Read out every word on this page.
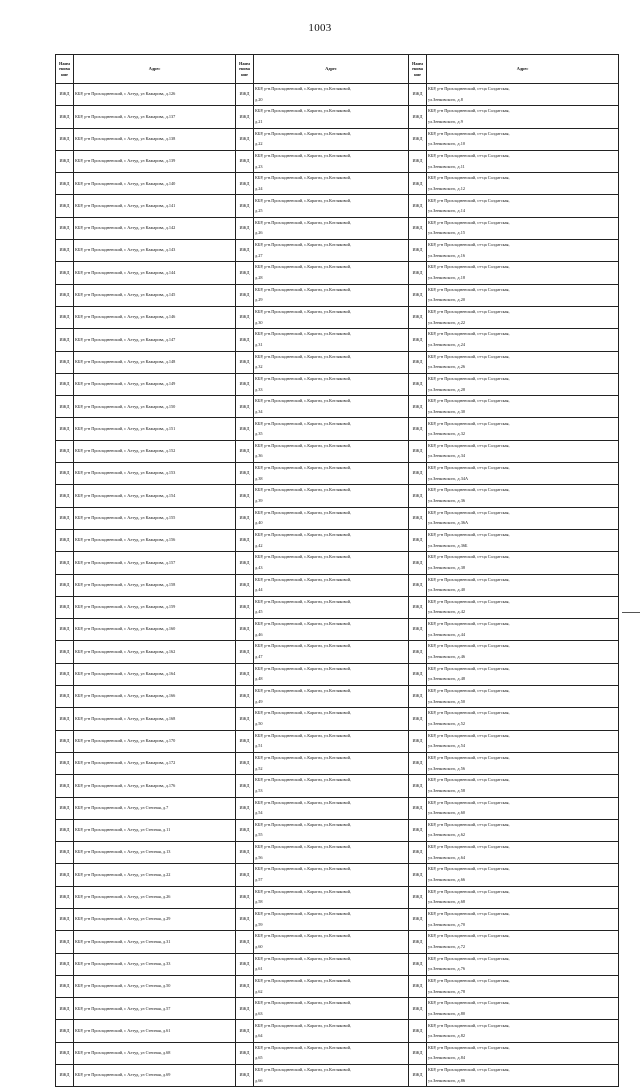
1003
Наим енова ние	Адрес	Наим енова ние	Адрес	Наим енова ние	Адрес
ИЖД	КБР, р-н Прохладненский, с Алтуд, ул Кажарова, д.126	ИЖД	КБР, р-н.Прохладненский, с.Карагач, ул.Котляковой,
д.20	ИЖД	КБР, р-н Прохладненский, ст-ца Солдатская,
ул.Зенковского, д.8

ИЖД	КБР, р-н Прохладненский, с Алтуд, ул Кажарова, д.137	ИЖД	КБР, р-н.Прохладненский, с.Карагач, ул.Котляковой,
д.21	ИЖД	КБР, р-н Прохладненский, ст-ца Солдатская,
ул.Зенковского, д.9

ИЖД	КБР, р-н Прохладненский, с Алтуд, ул Кажарова, д.138	ИЖД	КБР, р-н.Прохладненский, с.Карагач, ул.Котляковой,
д.22	ИЖД	КБР, р-н Прохладненский, ст-ца Солдатская,
ул.Зенковского, д.10

ИЖД	КБР, р-н Прохладненский, с Алтуд, ул Кажарова, д.139	ИЖД	КБР, р-н.Прохладненский, с.Карагач, ул.Котляковой,
д.23	ИЖД	КБР, р-н Прохладненский, ст-ца Солдатская,
ул.Зенковского, д.11

ИЖД	КБР, р-н Прохладненский, с Алтуд, ул Кажарова, д.140	ИЖД	КБР, р-н.Прохладненский, с.Карагач, ул.Котляковой,
д.24	ИЖД	КБР, р-н Прохладненский, ст-ца Солдатская,
ул.Зенковского, д.12

ИЖД	КБР, р-н Прохладненский, с Алтуд, ул Кажарова, д.141	ИЖД	КБР, р-н.Прохладненский, с.Карагач, ул.Котляковой,
д.25	ИЖД	КБР, р-н Прохладненский, ст-ца Солдатская,
ул.Зенковского, д.14

ИЖД	КБР, р-н Прохладненский, с Алтуд, ул Кажарова, д.142	ИЖД	КБР, р-н.Прохладненский, с.Карагач, ул.Котляковой,
д.26	ИЖД	КБР, р-н Прохладненский, ст-ца Солдатская,
ул.Зенковского, д.15

ИЖД	КБР, р-н Прохладненский, с Алтуд, ул Кажарова, д.143	ИЖД	КБР, р-н.Прохладненский, с.Карагач, ул.Котляковой,
д.27	ИЖД	КБР, р-н Прохладненский, ст-ца Солдатская,
ул.Зенковского, д.16

ИЖД	КБР, р-н Прохладненский, с Алтуд, ул Кажарова, д.144	ИЖД	КБР, р-н.Прохладненский, с.Карагач, ул.Котляковой,
д.28	ИЖД	КБР, р-н Прохладненский, ст-ца Солдатская,
ул.Зенковского, д.18

ИЖД	КБР, р-н Прохладненский, с Алтуд, ул Кажарова, д.145	ИЖД	КБР, р-н.Прохладненский, с.Карагач, ул.Котляковой,
д.29	ИЖД	КБР, р-н Прохладненский, ст-ца Солдатская,
ул.Зенковского, д.20

ИЖД	КБР, р-н Прохладненский, с Алтуд, ул Кажарова, д.146	ИЖД	КБР, р-н.Прохладненский, с.Карагач, ул.Котляковой,
д.30	ИЖД	КБР, р-н Прохладненский, ст-ца Солдатская,
ул.Зенковского, д.22

ИЖД	КБР, р-н Прохладненский, с Алтуд, ул Кажарова, д.147	ИЖД	КБР, р-н.Прохладненский, с.Карагач, ул.Котляковой,
д.31	ИЖД	КБР, р-н Прохладненский, ст-ца Солдатская,
ул.Зенковского, д.24

ИЖД	КБР, р-н Прохладненский, с Алтуд, ул Кажарова, д.148	ИЖД	КБР, р-н.Прохладненский, с.Карагач, ул.Котляковой,
д.32	ИЖД	КБР, р-н Прохладненский, ст-ца Солдатская,
ул.Зенковского, д.26

ИЖД	КБР, р-н Прохладненский, с Алтуд, ул Кажарова, д.149	ИЖД	КБР, р-н.Прохладненский, с.Карагач, ул.Котляковой,
д.33	ИЖД	КБР, р-н Прохладненский, ст-ца Солдатская,
ул.Зенковского, д.28

ИЖД	КБР, р-н Прохладненский, с Алтуд, ул Кажарова, д.150	ИЖД	КБР, р-н.Прохладненский, с.Карагач, ул.Котляковой,
д.34	ИЖД	КБР, р-н Прохладненский, ст-ца Солдатская,
ул.Зенковского, д.30

ИЖД	КБР, р-н Прохладненский, с Алтуд, ул Кажарова, д.151	ИЖД	КБР, р-н.Прохладненский, с.Карагач, ул.Котляковой,
д.35	ИЖД	КБР, р-н Прохладненский, ст-ца Солдатская,
ул.Зенковского, д.32

ИЖД	КБР, р-н Прохладненский, с Алтуд, ул Кажарова, д.152	ИЖД	КБР, р-н.Прохладненский, с.Карагач, ул.Котляковой,
д.36	ИЖД	КБР, р-н Прохладненский, ст-ца Солдатская,
ул.Зенковского, д.34

ИЖД	КБР, р-н Прохладненский, с Алтуд, ул Кажарова, д.153	ИЖД	КБР, р-н.Прохладненский, с.Карагач, ул.Котляковой,
д.38	ИЖД	КБР, р-н Прохладненский, ст-ца Солдатская,
ул.Зенковского, д.34А

ИЖД	КБР, р-н Прохладненский, с Алтуд, ул Кажарова, д.154	ИЖД	КБР, р-н.Прохладненский, с.Карагач, ул.Котляковой,
д.39	ИЖД	КБР, р-н Прохладненский, ст-ца Солдатская,
ул.Зенковского, д.36

ИЖД	КБР, р-н Прохладненский, с Алтуд, ул Кажарова, д.155	ИЖД	КБР, р-н.Прохладненский, с.Карагач, ул.Котляковой,
д.40	ИЖД	КБР, р-н Прохладненский, ст-ца Солдатская,
ул.Зенковского, д.36А

ИЖД	КБР, р-н Прохладненский, с Алтуд, ул Кажарова, д.156	ИЖД	КБР, р-н.Прохладненский, с.Карагач, ул.Котляковой,
д.42	ИЖД	КБР, р-н Прохладненский, ст-ца Солдатская,
ул.Зенковского, д.36Б

ИЖД	КБР, р-н Прохладненский, с Алтуд, ул Кажарова, д.157	ИЖД	КБР, р-н.Прохладненский, с.Карагач, ул.Котляковой,
д.43	ИЖД	КБР, р-н Прохладненский, ст-ца Солдатская,
ул.Зенковского, д.38

ИЖД	КБР, р-н Прохладненский, с Алтуд, ул Кажарова, д.158	ИЖД	КБР, р-н.Прохладненский, с.Карагач, ул.Котляковой,
д.44	ИЖД	КБР, р-н Прохладненский, ст-ца Солдатская,
ул.Зенковского, д.40

ИЖД	КБР, р-н Прохладненский, с Алтуд, ул Кажарова, д.159	ИЖД	КБР, р-н.Прохладненский, с.Карагач, ул.Котляковой,
д.45	ИЖД	КБР, р-н Прохладненский, ст-ца Солдатская,
ул.Зенковского, д.42

ИЖД	КБР, р-н Прохладненский, с Алтуд, ул Кажарова, д.160	ИЖД	КБР, р-н.Прохладненский, с.Карагач, ул.Котляковой,
д.46	ИЖД	КБР, р-н Прохладненский, ст-ца Солдатская,
ул.Зенковского, д.44

ИЖД	КБР, р-н Прохладненский, с Алтуд, ул Кажарова, д.162	ИЖД	КБР, р-н.Прохладненский, с.Карагач, ул.Котляковой,
д.47	ИЖД	КБР, р-н Прохладненский, ст-ца Солдатская,
ул.Зенковского, д.46

ИЖД	КБР, р-н Прохладненский, с Алтуд, ул Кажарова, д.164	ИЖД	КБР, р-н.Прохладненский, с.Карагач, ул.Котляковой,
д.48	ИЖД	КБР, р-н Прохладненский, ст-ца Солдатская,
ул.Зенковского, д.48

ИЖД	КБР, р-н Прохладненский, с Алтуд, ул Кажарова, д.166	ИЖД	КБР, р-н.Прохладненский, с.Карагач, ул.Котляковой,
д.49	ИЖД	КБР, р-н Прохладненский, ст-ца Солдатская,
ул.Зенковского, д.50

ИЖД	КБР, р-н Прохладненский, с Алтуд, ул Кажарова, д.168	ИЖД	КБР, р-н.Прохладненский, с.Карагач, ул.Котляковой,
д.50	ИЖД	КБР, р-н Прохладненский, ст-ца Солдатская,
ул.Зенковского, д.52

ИЖД	КБР, р-н Прохладненский, с Алтуд, ул Кажарова, д.170	ИЖД	КБР, р-н.Прохладненский, с.Карагач, ул.Котляковой,
д.51	ИЖД	КБР, р-н Прохладненский, ст-ца Солдатская,
ул.Зенковского, д.54

ИЖД	КБР, р-н Прохладненский, с Алтуд, ул Кажарова, д.172	ИЖД	КБР, р-н.Прохладненский, с.Карагач, ул.Котляковой,
д.52	ИЖД	КБР, р-н Прохладненский, ст-ца Солдатская,
ул.Зенковского, д.56

ИЖД	КБР, р-н Прохладненский, с Алтуд, ул Кажарова, д.176	ИЖД	КБР, р-н.Прохладненский, с.Карагач, ул.Котляковой,
д.53	ИЖД	КБР, р-н Прохладненский, ст-ца Солдатская,
ул.Зенковского, д.58

ИЖД	КБР, р-н Прохладненский, с Алтуд, ул Степная, д.7	ИЖД	КБР, р-н.Прохладненский, с.Карагач, ул.Котляковой,
д.54	ИЖД	КБР, р-н Прохладненский, ст-ца Солдатская,
ул.Зенковского, д.60

ИЖД	КБР, р-н Прохладненский, с Алтуд, ул Степная, д.11	ИЖД	КБР, р-н.Прохладненский, с.Карагач, ул.Котляковой,
д.55	ИЖД	КБР, р-н Прохладненский, ст-ца Солдатская,
ул.Зенковского, д.62

ИЖД	КБР, р-н Прохладненский, с Алтуд, ул Степная, д.13	ИЖД	КБР, р-н.Прохладненский, с.Карагач, ул.Котляковой,
д.56	ИЖД	КБР, р-н Прохладненский, ст-ца Солдатская,
ул.Зенковского, д.64

ИЖД	КБР, р-н Прохладненский, с Алтуд, ул Степная, д.22	ИЖД	КБР, р-н.Прохладненский, с.Карагач, ул.Котляковой,
д.57	ИЖД	КБР, р-н Прохладненский, ст-ца Солдатская,
ул.Зенковского, д.66

ИЖД	КБР, р-н Прохладненский, с Алтуд, ул Степная, д.26	ИЖД	КБР, р-н.Прохладненский, с.Карагач, ул.Котляковой,
д.58	ИЖД	КБР, р-н Прохладненский, ст-ца Солдатская,
ул.Зенковского, д.68

ИЖД	КБР, р-н Прохладненский, с Алтуд, ул Степная, д.29	ИЖД	КБР, р-н.Прохладненский, с.Карагач, ул.Котляковой,
д.59	ИЖД	КБР, р-н Прохладненский, ст-ца Солдатская,
ул.Зенковского, д.70

ИЖД	КБР, р-н Прохладненский, с Алтуд, ул Степная, д.31	ИЖД	КБР, р-н.Прохладненский, с.Карагач, ул.Котляковой,
д.60	ИЖД	КБР, р-н Прохладненский, ст-ца Солдатская,
ул.Зенковского, д.72

ИЖД	КБР, р-н Прохладненский, с Алтуд, ул Степная, д.33	ИЖД	КБР, р-н.Прохладненский, с.Карагач, ул.Котляковой,
д.61	ИЖД	КБР, р-н Прохладненский, ст-ца Солдатская,
ул.Зенковского, д.76

ИЖД	КБР, р-н Прохладненский, с Алтуд, ул Степная, д.50	ИЖД	КБР, р-н.Прохладненский, с.Карагач, ул.Котляковой,
д.62	ИЖД	КБР, р-н Прохладненский, ст-ца Солдатская,
ул.Зенковского, д.78

ИЖД	КБР, р-н Прохладненский, с Алтуд, ул Степная, д.57	ИЖД	КБР, р-н.Прохладненский, с.Карагач, ул.Котляковой,
д.63	ИЖД	КБР, р-н Прохладненский, ст-ца Солдатская,
ул.Зенковского, д.80

ИЖД	КБР, р-н Прохладненский, с Алтуд, ул Степная, д.61	ИЖД	КБР, р-н.Прохладненский, с.Карагач, ул.Котляковой,
д.64	ИЖД	КБР, р-н Прохладненский, ст-ца Солдатская,
ул.Зенковского, д.82

ИЖД	КБР, р-н Прохладненский, с Алтуд, ул Степная, д.68	ИЖД	КБР, р-н.Прохладненский, с.Карагач, ул.Котляковой,
д.65	ИЖД	КБР, р-н Прохладненский, ст-ца Солдатская,
ул.Зенковского, д.84

ИЖД	КБР, р-н Прохладненский, с Алтуд, ул Степная, д.69	ИЖД	КБР, р-н.Прохладненский, с.Карагач, ул.Котляковой,
д.66	ИЖД	КБР, р-н Прохладненский, ст-ца Солдатская,
ул.Зенковского, д.86
